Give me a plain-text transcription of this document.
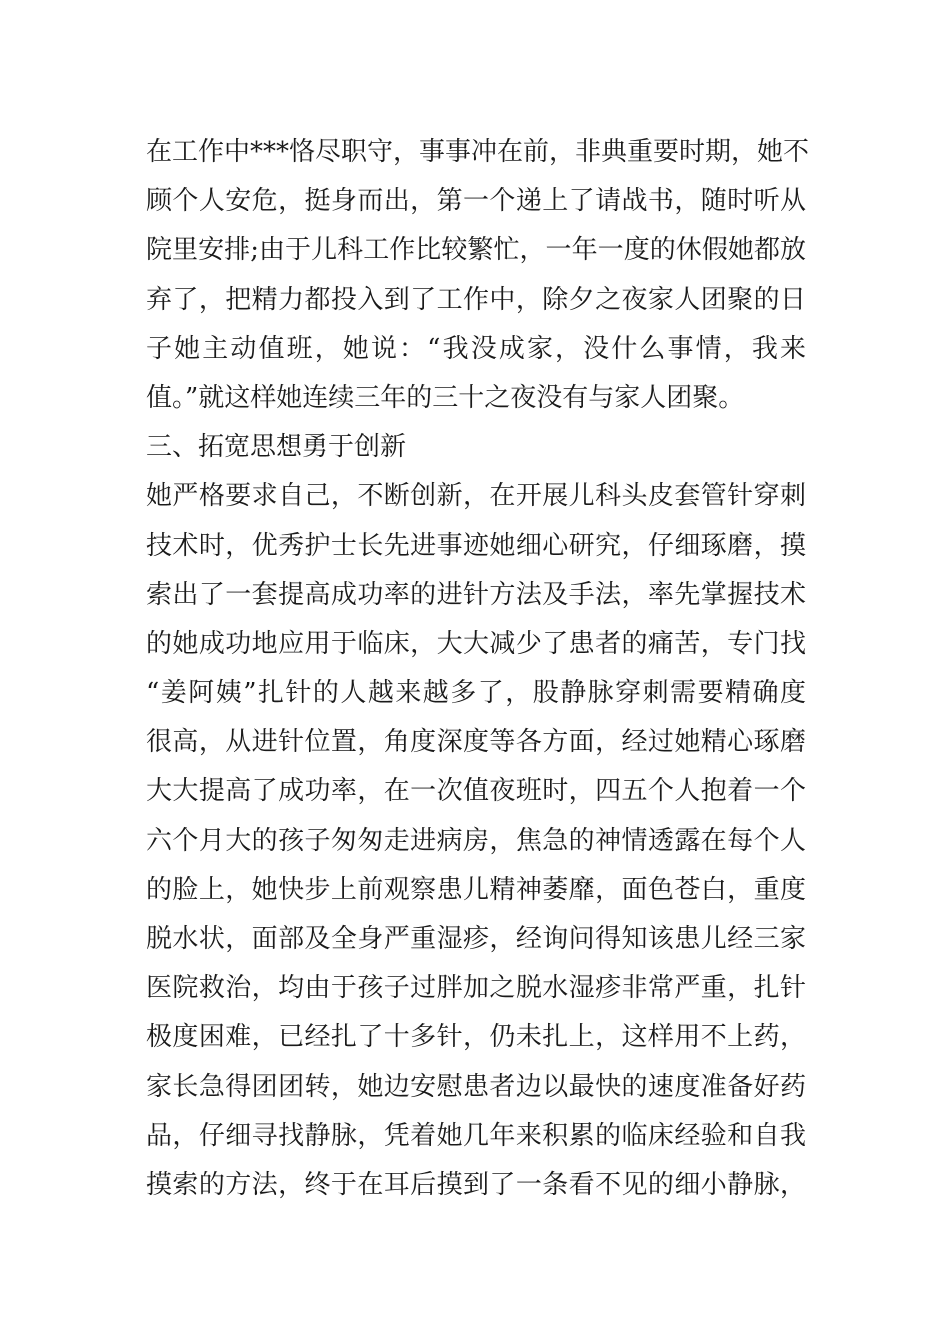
在工作中***恪尽职守，事事冲在前，非典重要时期，她不
顾个人安危，挺身而出，第一个递上了请战书，随时听从
院里安排;由于儿科工作比较繁忙，一年一度的休假她都放
弃了，把精力都投入到了工作中，除夕之夜家人团聚的日
子她主动值班，她说：“我没成家，没什么事情，我来
值。”就这样她连续三年的三十之夜没有与家人团聚。
三、拓宽思想勇于创新
她严格要求自己，不断创新，在开展儿科头皮套管针穿刺
技术时，优秀护士长先进事迹她细心研究，仔细琢磨，摸
索出了一套提高成功率的进针方法及手法，率先掌握技术
的她成功地应用于临床，大大减少了患者的痛苦，专门找
“姜阿姨”扎针的人越来越多了，股静脉穿刺需要精确度
很高，从进针位置，角度深度等各方面，经过她精心琢磨
大大提高了成功率，在一次值夜班时，四五个人抱着一个
六个月大的孩子匆匆走进病房，焦急的神情透露在每个人
的脸上，她快步上前观察患儿精神萎靡，面色苍白，重度
脱水状，面部及全身严重湿疹，经询问得知该患儿经三家
医院救治，均由于孩子过胖加之脱水湿疹非常严重，扎针
极度困难，已经扎了十多针，仍未扎上，这样用不上药，
家长急得团团转，她边安慰患者边以最快的速度准备好药
品，仔细寻找静脉，凭着她几年来积累的临床经验和自我
摸索的方法，终于在耳后摸到了一条看不见的细小静脉，
